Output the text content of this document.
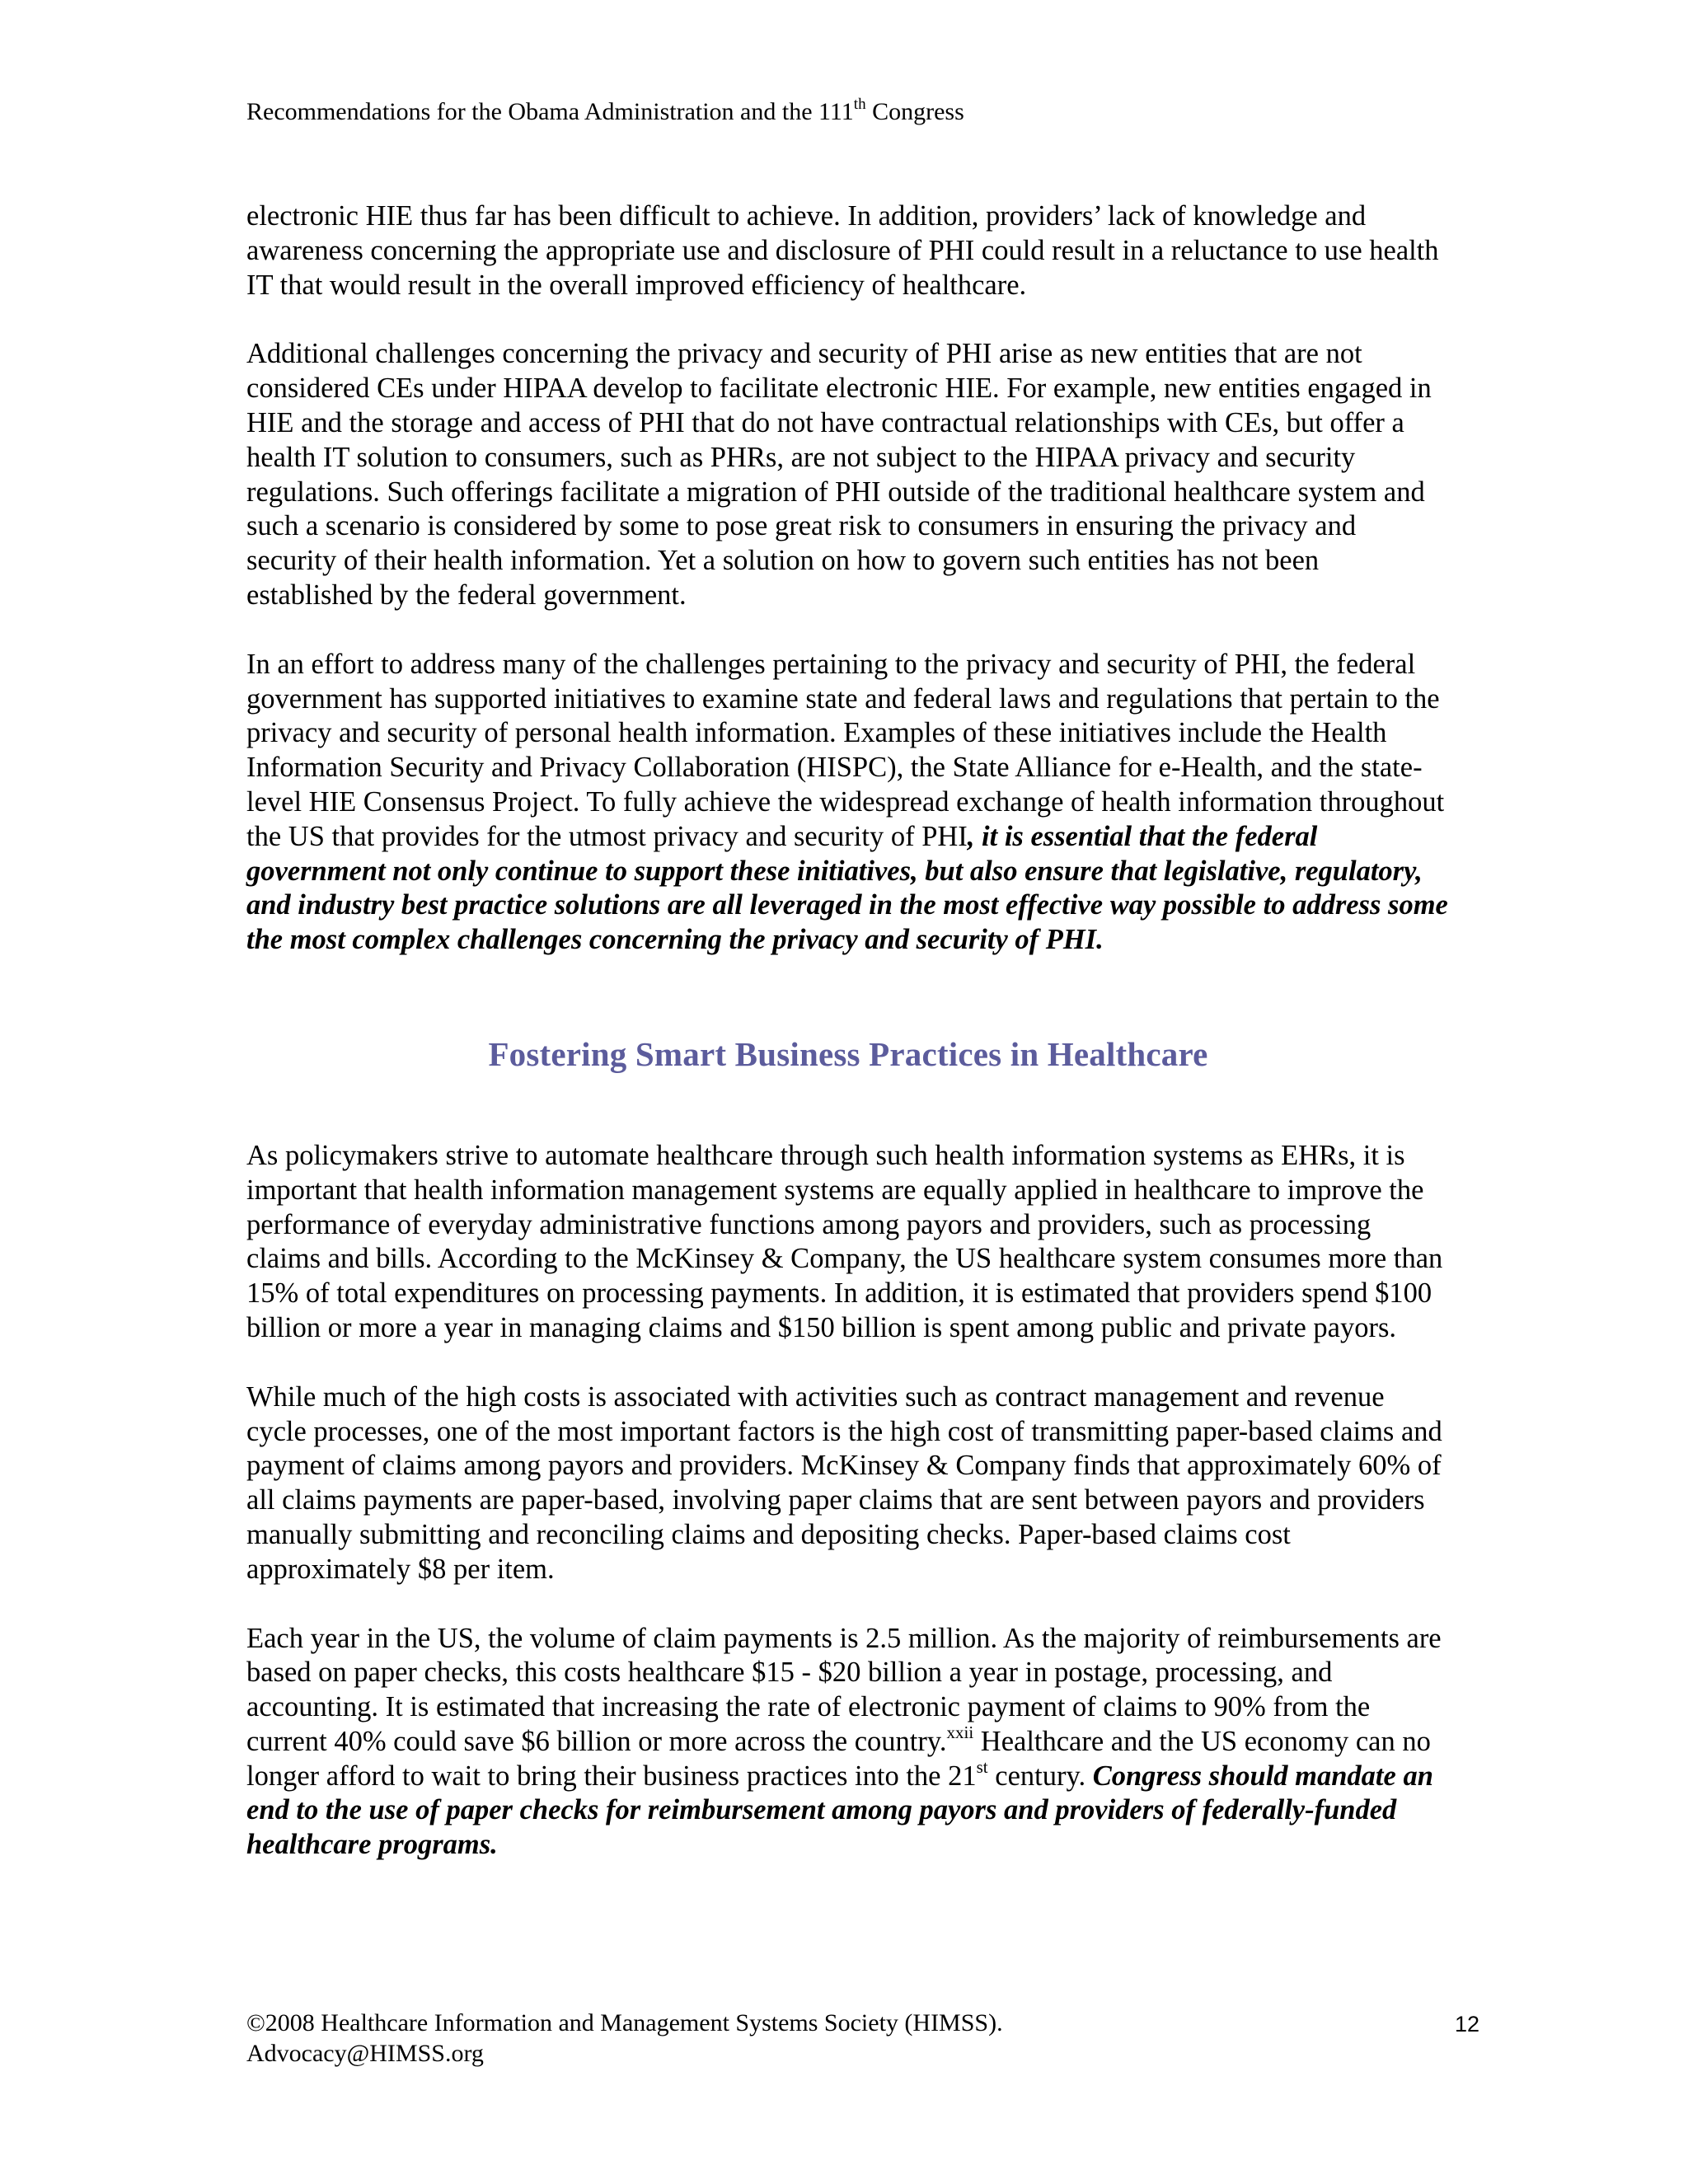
Recommendations for the Obama Administration and the 111th Congress

electronic HIE thus far has been difficult to achieve. In addition, providers’ lack of knowledge and awareness concerning the appropriate use and disclosure of PHI could result in a reluctance to use health IT that would result in the overall improved efficiency of healthcare.

Additional challenges concerning the privacy and security of PHI arise as new entities that are not considered CEs under HIPAA develop to facilitate electronic HIE. For example, new entities engaged in HIE and the storage and access of PHI that do not have contractual relationships with CEs, but offer a health IT solution to consumers, such as PHRs, are not subject to the HIPAA privacy and security regulations. Such offerings facilitate a migration of PHI outside of the traditional healthcare system and such a scenario is considered by some to pose great risk to consumers in ensuring the privacy and security of their health information. Yet a solution on how to govern such entities has not been established by the federal government.

In an effort to address many of the challenges pertaining to the privacy and security of PHI, the federal government has supported initiatives to examine state and federal laws and regulations that pertain to the privacy and security of personal health information. Examples of these initiatives include the Health Information Security and Privacy Collaboration (HISPC), the State Alliance for e-Health, and the state-level HIE Consensus Project. To fully achieve the widespread exchange of health information throughout the US that provides for the utmost privacy and security of PHI, it is essential that the federal government not only continue to support these initiatives, but also ensure that legislative, regulatory, and industry best practice solutions are all leveraged in the most effective way possible to address some the most complex challenges concerning the privacy and security of PHI.

Fostering Smart Business Practices in Healthcare

As policymakers strive to automate healthcare through such health information systems as EHRs, it is important that health information management systems are equally applied in healthcare to improve the performance of everyday administrative functions among payors and providers, such as processing claims and bills. According to the McKinsey & Company, the US healthcare system consumes more than 15% of total expenditures on processing payments. In addition, it is estimated that providers spend $100 billion or more a year in managing claims and $150 billion is spent among public and private payors.

While much of the high costs is associated with activities such as contract management and revenue cycle processes, one of the most important factors is the high cost of transmitting paper-based claims and payment of claims among payors and providers. McKinsey & Company finds that approximately 60% of all claims payments are paper-based, involving paper claims that are sent between payors and providers manually submitting and reconciling claims and depositing checks. Paper-based claims cost approximately $8 per item.

Each year in the US, the volume of claim payments is 2.5 million. As the majority of reimbursements are based on paper checks, this costs healthcare $15 - $20 billion a year in postage, processing, and accounting. It is estimated that increasing the rate of electronic payment of claims to 90% from the current 40% could save $6 billion or more across the country.$^{xxii}$ Healthcare and the US economy can no longer afford to wait to bring their business practices into the 21st century. Congress should mandate an end to the use of paper checks for reimbursement among payors and providers of federally-funded healthcare programs.

©2008 Healthcare Information and Management Systems Society (HIMSS).
Advocacy@HIMSS.org
12
